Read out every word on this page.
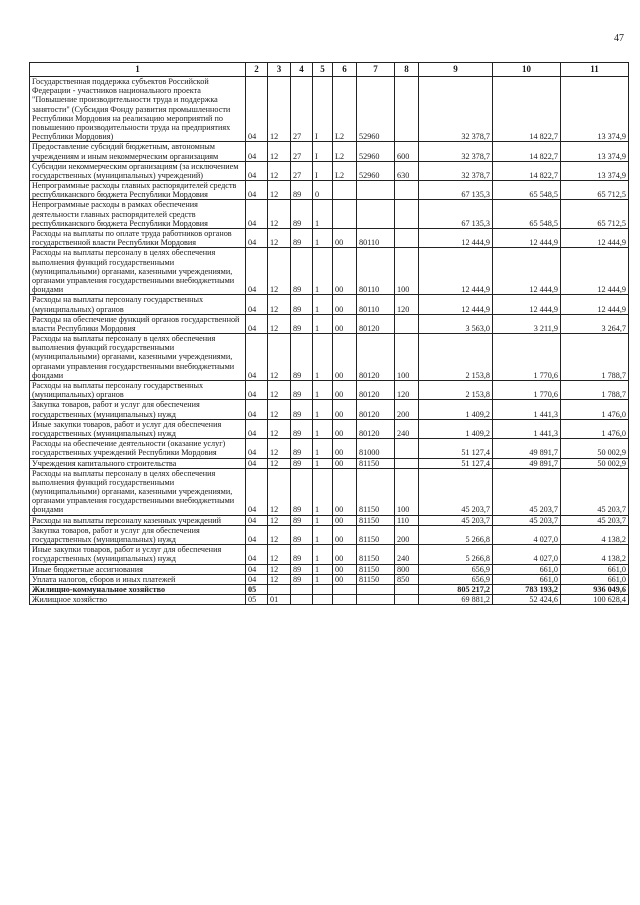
47
1	2	3	4	5	6	7	8	9	10	11
Государственная поддержка субъектов Российской Федерации - участников национального проекта "Повышение производительности труда и поддержка занятости" (Субсидия Фонду развития промышленности Республики Мордовия на реализацию мероприятий по повышению производительности труда на предприятиях Республики Мордовия)	04	12	27	I	L2	52960		32 378,7	14 822,7	13 374,9
Предоставление субсидий бюджетным, автономным учреждениям и иным некоммерческим организациям	04	12	27	I	L2	52960	600	32 378,7	14 822,7	13 374,9
Субсидии некоммерческим организациям (за исключением государственных (муниципальных) учреждений)	04	12	27	I	L2	52960	630	32 378,7	14 822,7	13 374,9
Непрограммные расходы главных распорядителей средств республиканского бюджета Республики Мордовия	04	12	89	0				67 135,3	65 548,5	65 712,5
Непрограммные расходы в рамках обеспечения деятельности главных распорядителей средств республиканского бюджета Республики Мордовия	04	12	89	1				67 135,3	65 548,5	65 712,5
Расходы на выплаты по оплате труда работников органов государственной власти Республики Мордовия	04	12	89	1	00	80110		12 444,9	12 444,9	12 444,9
Расходы на выплаты персоналу в целях обеспечения выполнения функций государственными (муниципальными) органами, казенными учреждениями, органами управления государственными внебюджетными фондами	04	12	89	1	00	80110	100	12 444,9	12 444,9	12 444,9
Расходы на выплаты персоналу государственных (муниципальных) органов	04	12	89	1	00	80110	120	12 444,9	12 444,9	12 444,9
Расходы на обеспечение функций органов государственной власти Республики Мордовия	04	12	89	1	00	80120		3 563,0	3 211,9	3 264,7
Расходы на выплаты персоналу в целях обеспечения выполнения функций государственными (муниципальными) органами, казенными учреждениями, органами управления государственными внебюджетными фондами	04	12	89	1	00	80120	100	2 153,8	1 770,6	1 788,7
Расходы на выплаты персоналу государственных (муниципальных) органов	04	12	89	1	00	80120	120	2 153,8	1 770,6	1 788,7
Закупка товаров, работ и услуг для обеспечения государственных (муниципальных) нужд	04	12	89	1	00	80120	200	1 409,2	1 441,3	1 476,0
Иные закупки товаров, работ и услуг для обеспечения государственных (муниципальных) нужд	04	12	89	1	00	80120	240	1 409,2	1 441,3	1 476,0
Расходы на обеспечение деятельности (оказание услуг) государственных учреждений Республики Мордовия	04	12	89	1	00	81000		51 127,4	49 891,7	50 002,9
Учреждения капитального строительства	04	12	89	1	00	81150		51 127,4	49 891,7	50 002,9
Расходы на выплаты персоналу в целях обеспечения выполнения функций государственными (муниципальными) органами, казенными учреждениями, органами управления государственными внебюджетными фондами	04	12	89	1	00	81150	100	45 203,7	45 203,7	45 203,7
Расходы на выплаты персоналу казенных учреждений	04	12	89	1	00	81150	110	45 203,7	45 203,7	45 203,7
Закупка товаров, работ и услуг для обеспечения государственных (муниципальных) нужд	04	12	89	1	00	81150	200	5 266,8	4 027,0	4 138,2
Иные закупки товаров, работ и услуг для обеспечения государственных (муниципальных) нужд	04	12	89	1	00	81150	240	5 266,8	4 027,0	4 138,2
Иные бюджетные ассигнования	04	12	89	1	00	81150	800	656,9	661,0	661,0
Уплата налогов, сборов и иных платежей	04	12	89	1	00	81150	850	656,9	661,0	661,0
Жилищно-коммунальное хозяйство	05							805 217,2	783 193,2	936 049,6
Жилищное хозяйство	05	01						69 881,2	52 424,6	100 628,4
